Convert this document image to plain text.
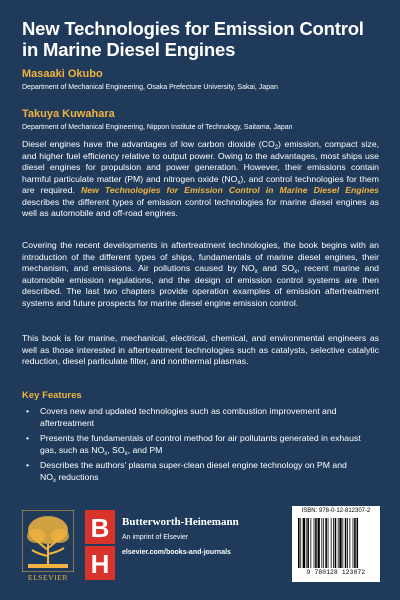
New Technologies for Emission Control in Marine Diesel Engines
Masaaki Okubo
Department of Mechanical Engineering, Osaka Prefecture University, Sakai, Japan
Takuya Kuwahara
Department of Mechanical Engineering, Nippon Institute of Technology, Saitama, Japan

Diesel engines have the advantages of low carbon dioxide $(CO_2)$ emission, compact size, and higher fuel efficiency relative to output power. Owing to the advantages, most ships use diesel engines for propulsion and power generation. However, their emissions contain harmful particulate matter (PM) and nitrogen oxide $(NO_x)$, and control technologies for them are required. New Technologies for Emission Control in Marine Diesel Engines describes the different types of emission control technologies for marine diesel engines as well as automobile and off-road engines.

Covering the recent developments in aftertreatment technologies, the book begins with an introduction of the different types of ships, fundamentals of marine diesel engines, their mechanism, and emissions. Air pollutions caused by $NO_x$ and $SO_x$, recent marine and automobile emission regulations, and the design of emission control systems are then described. The last two chapters provide operation examples of emission aftertreatment systems and future prospects for marine diesel engine emission control.

This book is for marine, mechanical, electrical, chemical, and environmental engineers as well as those interested in aftertreatment technologies such as catalysts, selective catalytic reduction, diesel particulate filter, and nonthermal plasmas.

Key Features
• Covers new and updated technologies such as combustion improvement and aftertreatment
• Presents the fundamentals of control method for air pollutants generated in exhaust gas, such as $NO_x$, $SO_x$, and PM
• Describes the authors' plasma super-clean diesel engine technology on PM and $NO_x$ reductions
ELSEVIER
B
H
Butterworth-Heinemann
An imprint of Elsevier
elsevier.com/books-and-journals
ISBN: 978-0-12-812307-2
9 780128 123072
